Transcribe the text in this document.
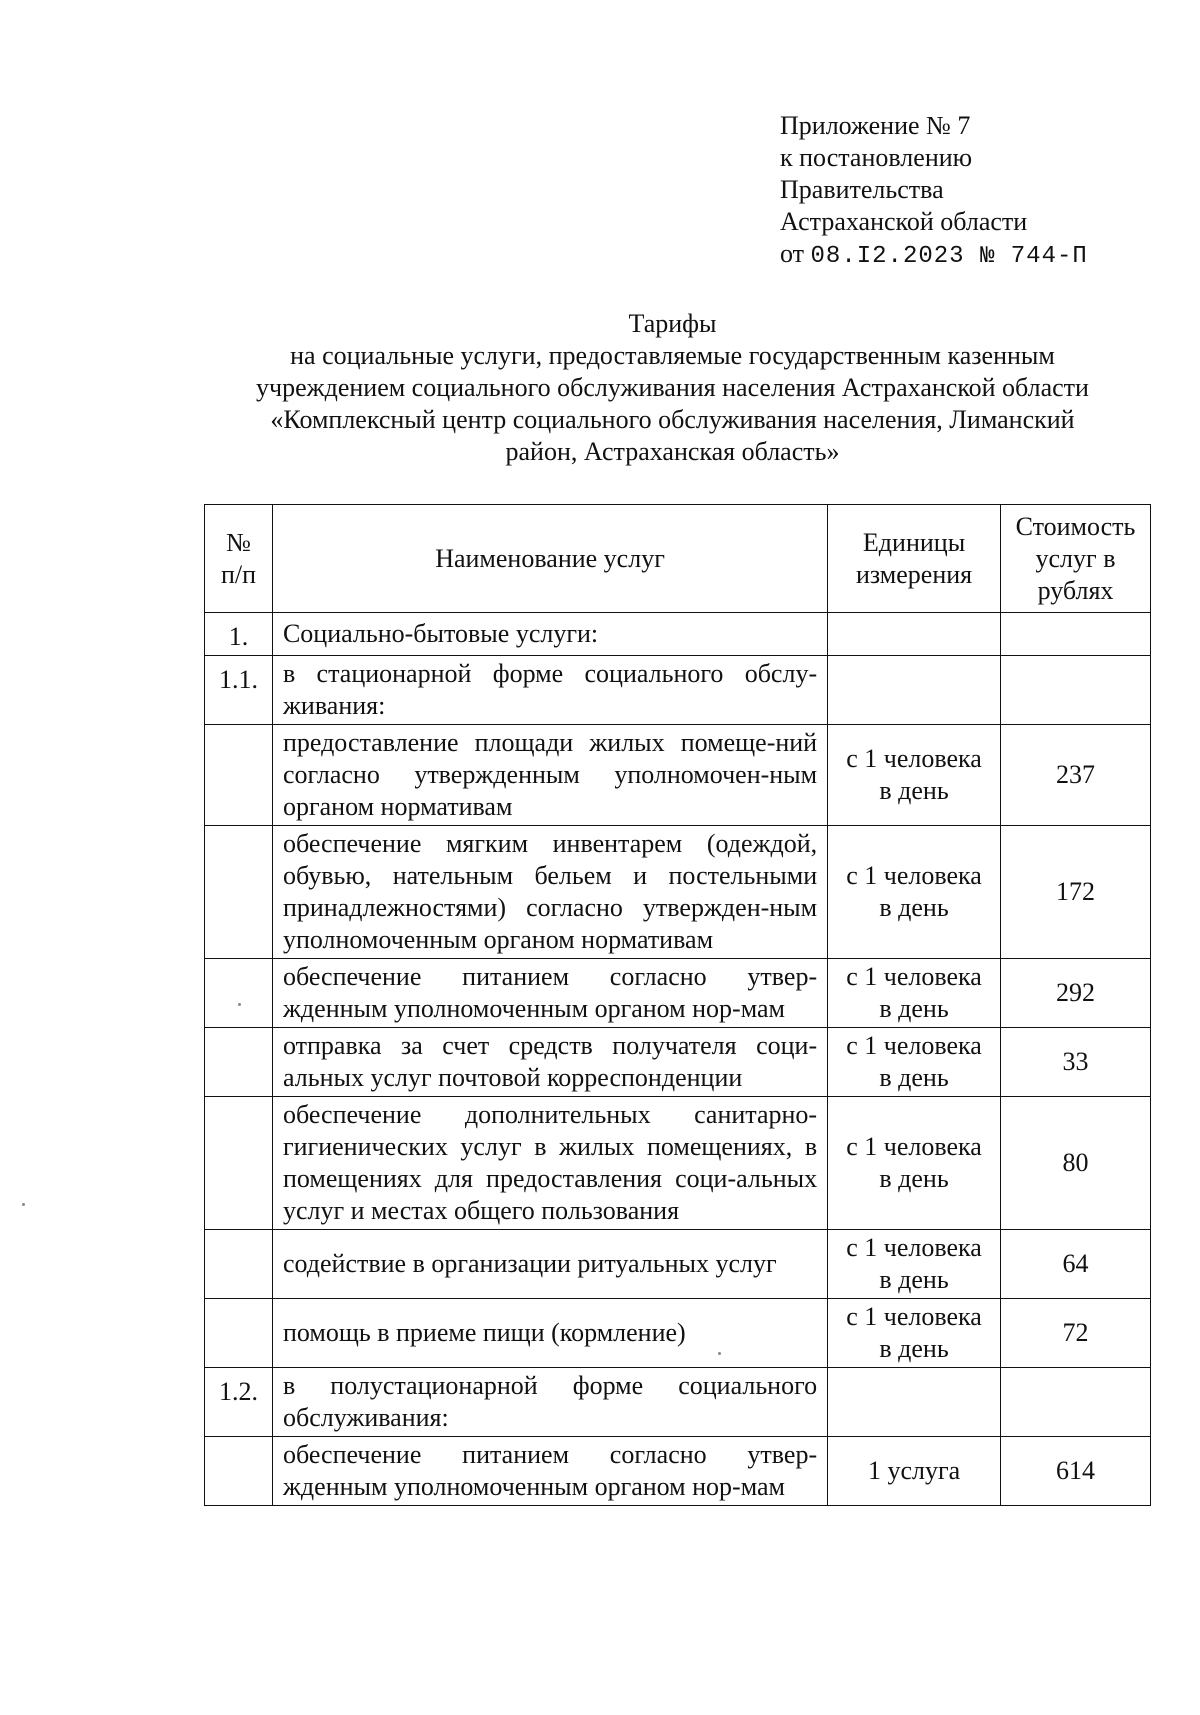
Приложение № 7
к постановлению
Правительства
Астраханской области
от 08.I2.2023 № 744-П
Тарифы
на социальные услуги, предоставляемые государственным казенным
учреждением социального обслуживания населения Астраханской области
«Комплексный центр социального обслуживания населения, Лиманский
район, Астраханская область»
№ п/п	Наименование услуг	Единицы измерения	Стоимость услуг в рублях
1.	Социально-бытовые услуги:		
1.1.	в стационарной форме социального обслу-живания:		
	предоставление площади жилых помеще-ний согласно утвержденным уполномочен-ным органом нормативам	с 1 человека в день	237
	обеспечение мягким инвентарем (одеждой, обувью, нательным бельем и постельными принадлежностями) согласно утвержден-ным уполномоченным органом нормативам	с 1 человека в день	172
	обеспечение питанием согласно утвер-жденным уполномоченным органом нор-мам	с 1 человека в день	292
	отправка за счет средств получателя соци-альных услуг почтовой корреспонденции	с 1 человека в день	33
	обеспечение дополнительных санитарно-гигиенических услуг в жилых помещениях, в помещениях для предоставления соци-альных услуг и местах общего пользования	с 1 человека в день	80
	содействие в организации ритуальных услуг	с 1 человека в день	64
	помощь в приеме пищи (кормление)	с 1 человека в день	72
1.2.	в полустационарной форме социального обслуживания:		
	обеспечение питанием согласно утвер-жденным уполномоченным органом нор-мам	1 услуга	614
